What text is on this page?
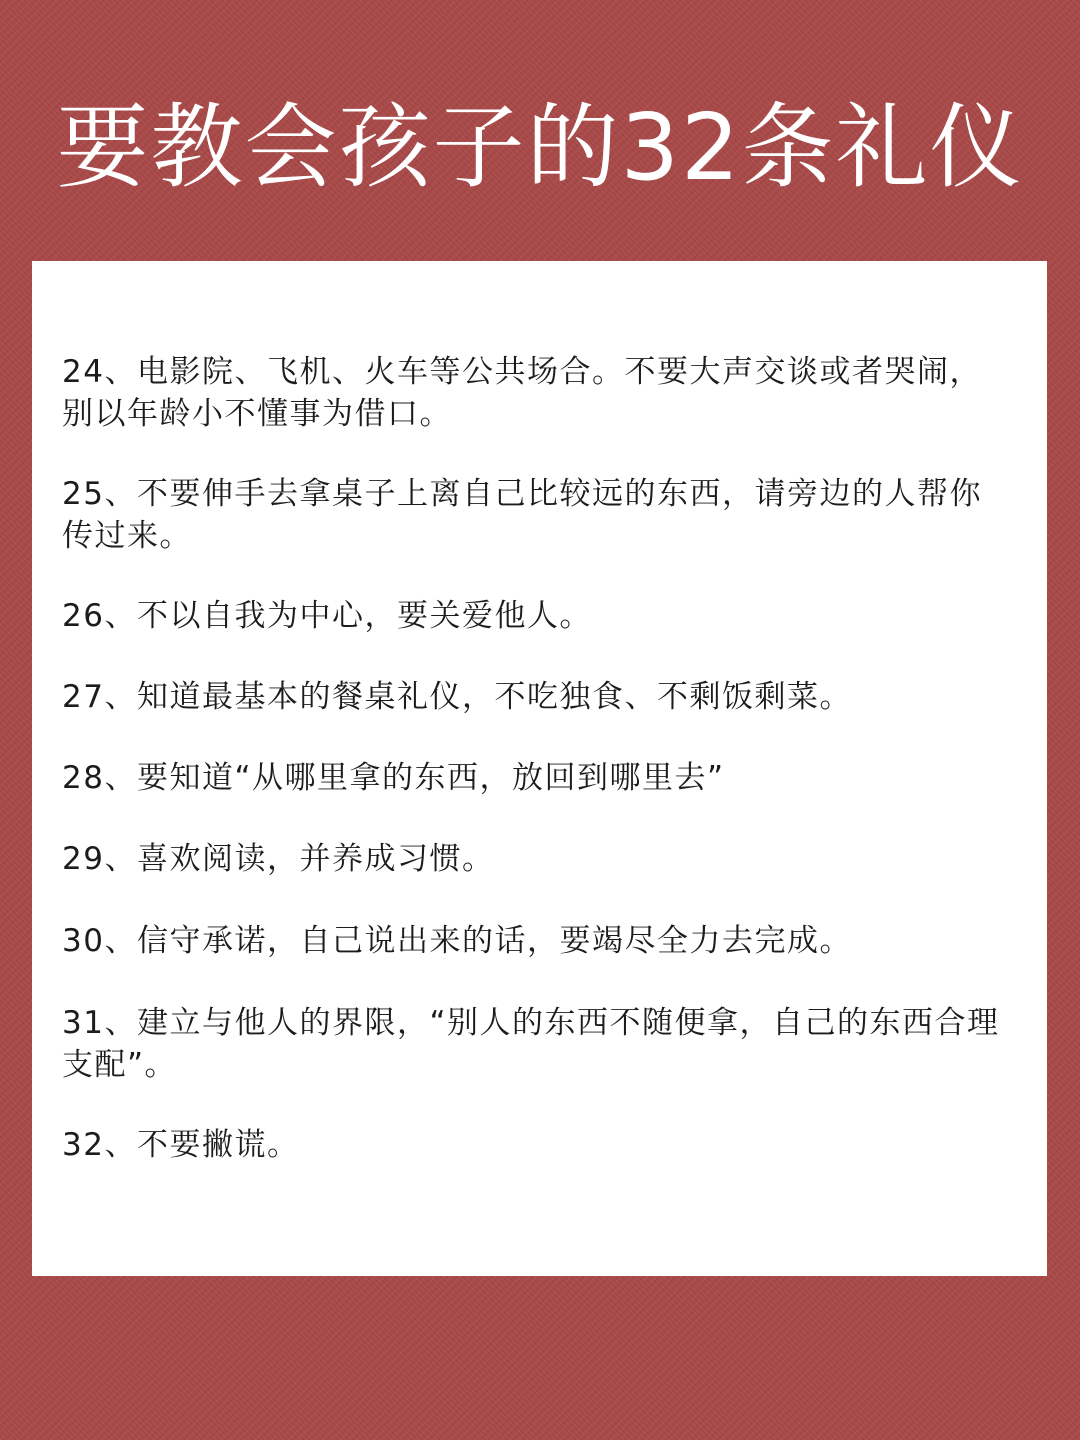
要教会孩子的32条礼仪

24、电影院、飞机、火车等公共场合。不要大声交谈或者哭闹，别以年龄小不懂事为借口。

25、不要伸手去拿桌子上离自己比较远的东西，请旁边的人帮你传过来。

26、不以自我为中心，要关爱他人。

27、知道最基本的餐桌礼仪，不吃独食、不剩饭剩菜。

28、要知道“从哪里拿的东西，放回到哪里去”

29、喜欢阅读，并养成习惯。

30、信守承诺，自己说出来的话，要竭尽全力去完成。

31、建立与他人的界限，“别人的东西不随便拿，自己的东西合理支配”。

32、不要撇谎。
